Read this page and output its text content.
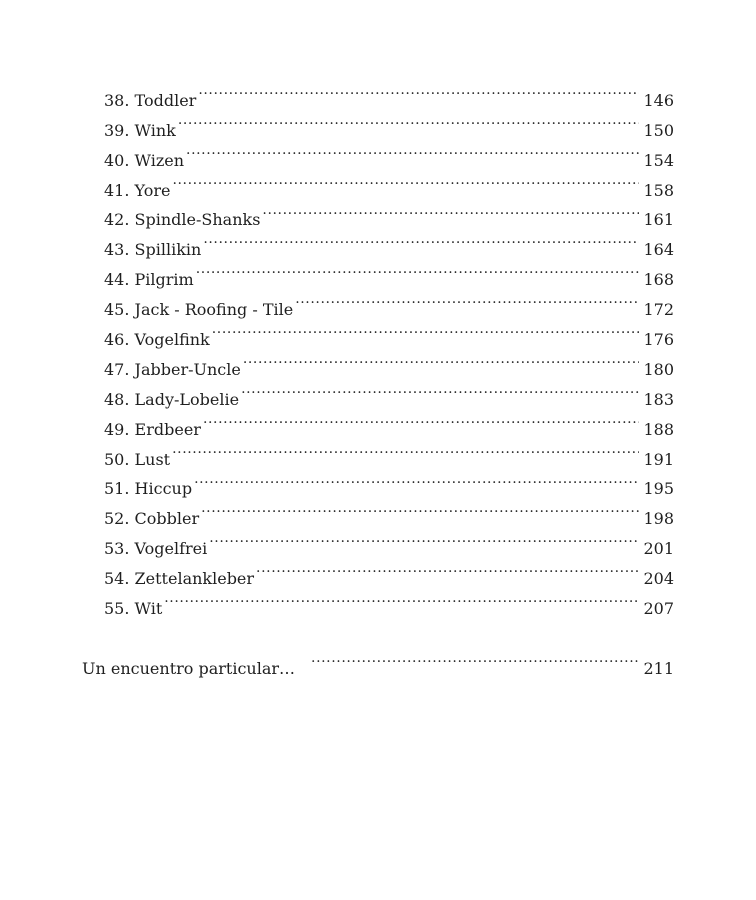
38. Toddler .....	146
39. Wink .....	150
40. Wizen .....	154
41. Yore .....	158
42. Spindle-Shanks .....	161
43. Spillikin .....	164
44. Pilgrim .....	168
45. Jack - Roofing - Tile .....	172
46. Vogelfink .....	176
47. Jabber-Uncle .....	180
48. Lady-Lobelie .....	183
49. Erdbeer .....	188
50. Lust .....	191
51. Hiccup .....	195
52. Cobbler .....	198
53. Vogelfrei .....	201
54. Zettelankleber .....	204
55. Wit .....	207
Un encuentro particular… .....	211
